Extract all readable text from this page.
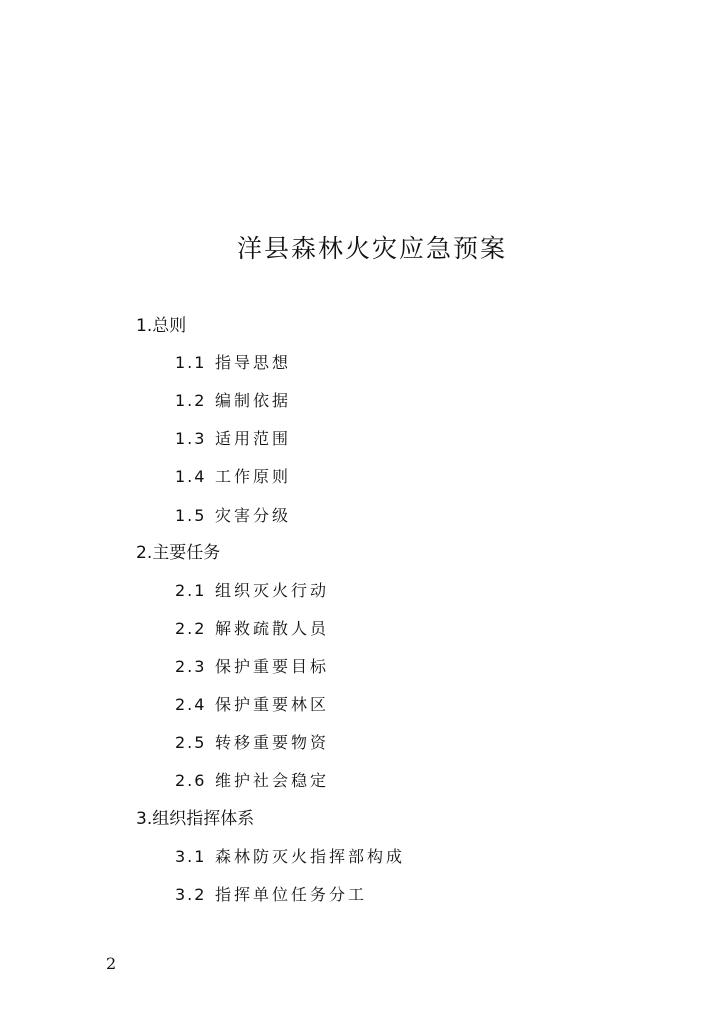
洋县森林火灾应急预案
1.总则
1.1 指导思想
1.2 编制依据
1.3 适用范围
1.4 工作原则
1.5 灾害分级
2.主要任务
2.1 组织灭火行动
2.2 解救疏散人员
2.3 保护重要目标
2.4 保护重要林区
2.5 转移重要物资
2.6 维护社会稳定
3.组织指挥体系
3.1 森林防灭火指挥部构成
3.2 指挥单位任务分工
2
